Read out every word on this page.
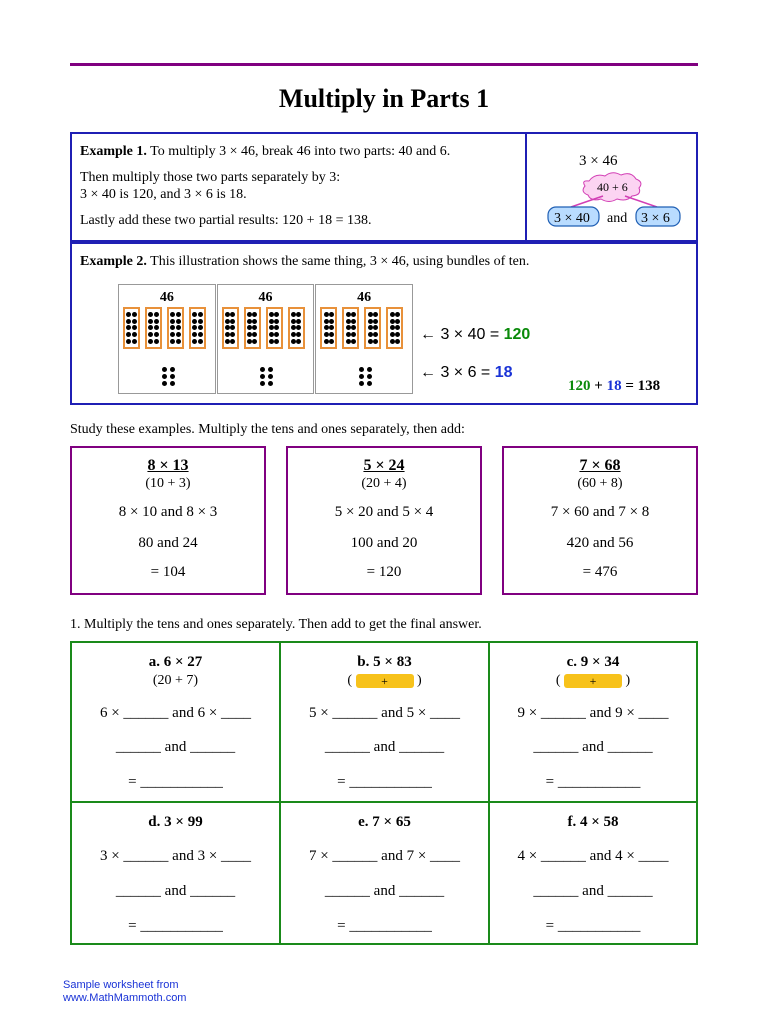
Multiply in Parts 1

Example 1. To multiply 3 × 46, break 46 into two parts: 40 and 6.

Then multiply those two parts separately by 3:
3 × 40 is 120, and 3 × 6 is 18.

Lastly add these two partial results: 120 + 18 = 138.

3 × 46
40 + 6
3 × 40 and 3 × 6

Example 2. This illustration shows the same thing, 3 × 46, using bundles of ten.

46	46	46
← 3 × 40 = 120
← 3 × 6 = 18
120 + 18 = 138
Study these examples. Multiply the tens and ones separately, then add:
8 × 13
(10 + 3)
8 × 10 and 8 × 3
80 and 24
= 104
5 × 24
(20 + 4)
5 × 20 and 5 × 4
100 and 20
= 120
7 × 68
(60 + 8)
7 × 60 and 7 × 8
420 and 56
= 476
1. Multiply the tens and ones separately. Then add to get the final answer.
a. 6 × 27
(20 + 7)
6 × ______ and 6 × ____
______ and ______
= ___________
b. 5 × 83
( + )
5 × ______ and 5 × ____
______ and ______
= ___________
c. 9 × 34
( + )
9 × ______ and 9 × ____
______ and ______
= ___________
d. 3 × 99
3 × ______ and 3 × ____
______ and ______
= ___________
e. 7 × 65
7 × ______ and 7 × ____
______ and ______
= ___________
f. 4 × 58
4 × ______ and 4 × ____
______ and ______
= ___________
Sample worksheet from
www.MathMammoth.com
